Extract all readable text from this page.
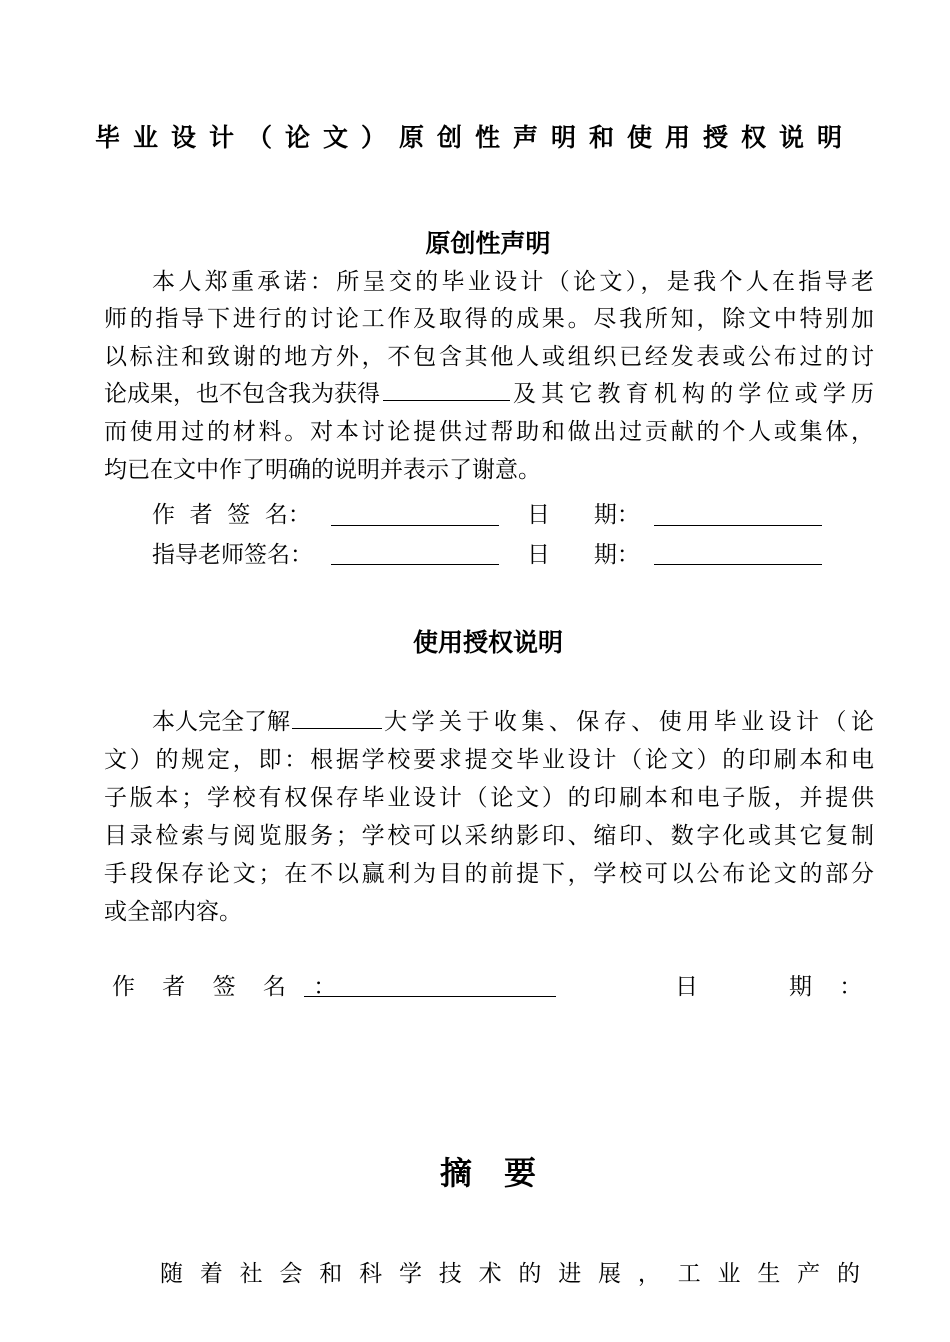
毕业设计（论文）原创性声明和使用授权说明
原创性声明
本人郑重承诺：所呈交的毕业设计（论文），是我个人在指导老
师的指导下进行的讨论工作及取得的成果。尽我所知，除文中特别加
以标注和致谢的地方外，不包含其他人或组织已经发表或公布过的讨
论成果，也不包含我为获得	及其它教育机构的学位或学历
而使用过的材料。对本讨论提供过帮助和做出过贡献的个人或集体，
均已在文中作了明确的说明并表示了谢意。
作  者  签  名：	日      期：
指导老师签名：	日      期：
使用授权说明
本人完全了解	大学关于收集、保存、使用毕业设计（论
文）的规定，即：根据学校要求提交毕业设计（论文）的印刷本和电
子版本；学校有权保存毕业设计（论文）的印刷本和电子版，并提供
目录检索与阅览服务；学校可以采纳影印、缩印、数字化或其它复制
手段保存论文；在不以赢利为目的前提下，学校可以公布论文的部分
或全部内容。
作 者 签 名 ：	日	期 ：
摘　要
随着社会和科学技术的进展，工业生产的
